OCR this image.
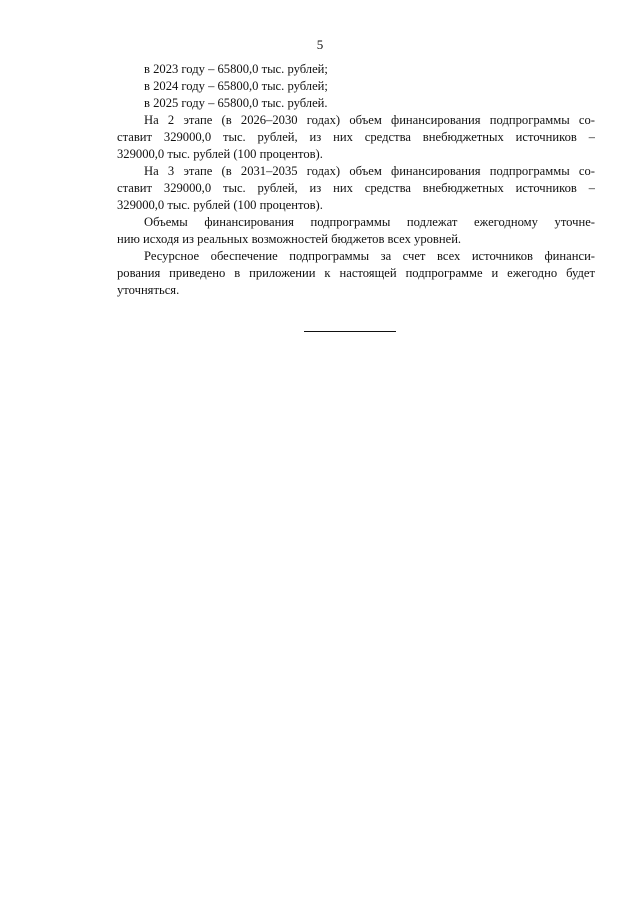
5
в 2023 году – 65800,0 тыс. рублей;
в 2024 году – 65800,0 тыс. рублей;
в 2025 году – 65800,0 тыс. рублей.
На 2 этапе (в 2026–2030 годах) объем финансирования подпрограммы со-
ставит 329000,0 тыс. рублей, из них средства внебюджетных источников –
329000,0 тыс. рублей (100 процентов).
На 3 этапе (в 2031–2035 годах) объем финансирования подпрограммы со-
ставит 329000,0 тыс. рублей, из них средства внебюджетных источников –
329000,0 тыс. рублей (100 процентов).
Объемы финансирования подпрограммы подлежат ежегодному уточне-
нию исходя из реальных возможностей бюджетов всех уровней.
Ресурсное обеспечение подпрограммы за счет всех источников финанси-
рования приведено в приложении к настоящей подпрограмме и ежегодно будет
уточняться.
